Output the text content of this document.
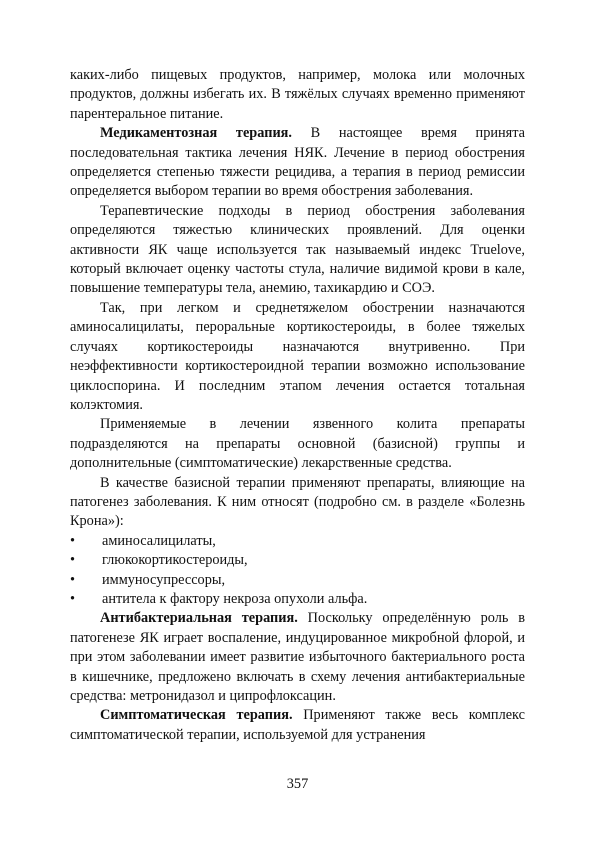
каких-либо пищевых продуктов, например, молока или молочных продуктов, должны избегать их. В тяжёлых случаях временно применяют парентеральное питание.

Медикаментозная терапия. В настоящее время принята последовательная тактика лечения НЯК. Лечение в период обострения определяется степенью тяжести рецидива, а терапия в период ремиссии определяется выбором терапии во время обострения заболевания.

Терапевтические подходы в период обострения заболевания определяются тяжестью клинических проявлений. Для оценки активности ЯК чаще используется так называемый индекс Truelove, который включает оценку частоты стула, наличие видимой крови в кале, повышение температуры тела, анемию, тахикардию и СОЭ.

Так, при легком и среднетяжелом обострении назначаются аминосалицилаты, пероральные кортикостероиды, в более тяжелых случаях кортикостероиды назначаются внутривенно. При неэффективности кортикостероидной терапии возможно использование циклоспорина. И последним этапом лечения остается тотальная колэктомия.

Применяемые в лечении язвенного колита препараты подразделяются на препараты основной (базисной) группы и дополнительные (симптоматические) лекарственные средства.

В качестве базисной терапии применяют препараты, влияющие на патогенез заболевания. К ним относят (подробно см. в разделе «Болезнь Крона»):

• аминосалицилаты,
• глюкокортикостероиды,
• иммуносупрессоры,
• антитела к фактору некроза опухоли альфа.

Антибактериальная терапия. Поскольку определённую роль в патогенезе ЯК играет воспаление, индуцированное микробной флорой, и при этом заболевании имеет развитие избыточного бактериального роста в кишечнике, предложено включать в схему лечения антибактериальные средства: метронидазол и ципрофлоксацин.

Симптоматическая терапия. Применяют также весь комплекс симптоматической терапии, используемой для устранения

357
